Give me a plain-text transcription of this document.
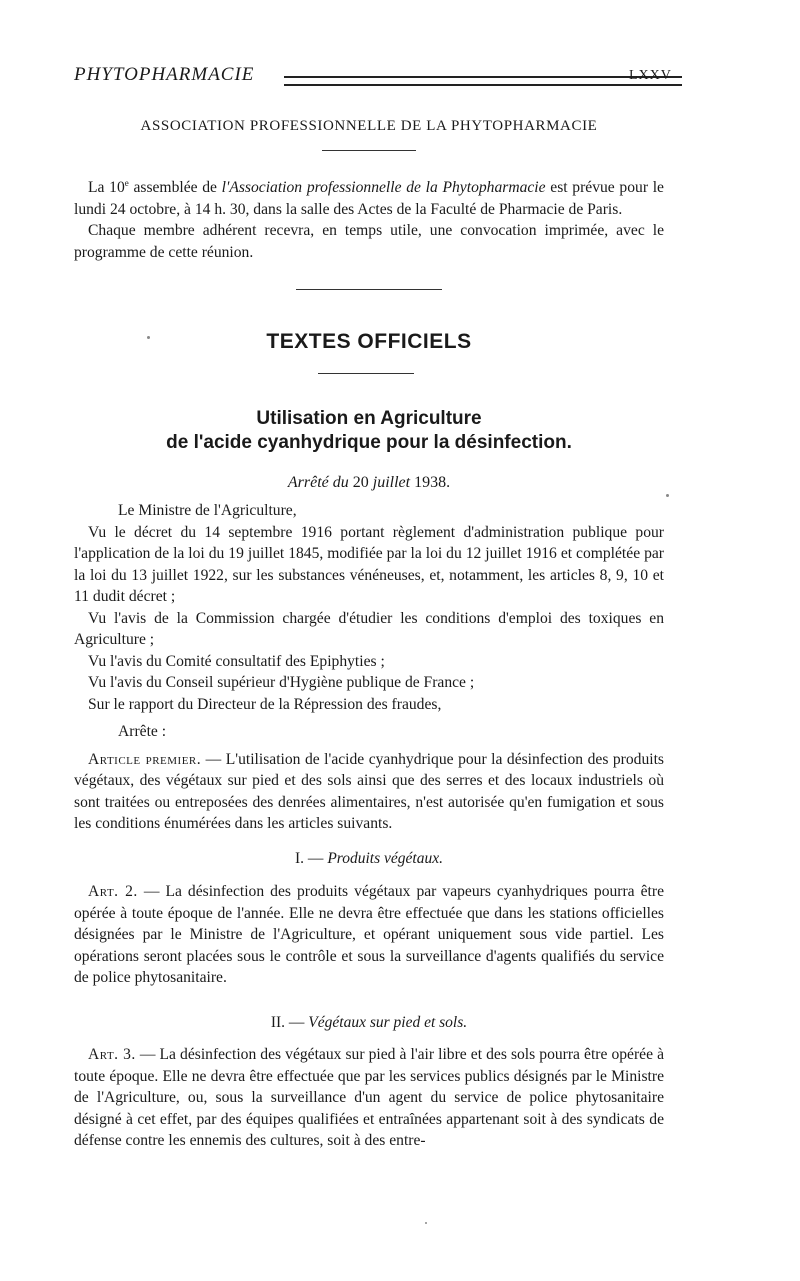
PHYTOPHARMACIE	LXXV
ASSOCIATION PROFESSIONNELLE DE LA PHYTOPHARMACIE

La 10e assemblée de l'Association professionnelle de la Phytopharmacie est prévue pour le lundi 24 octobre, à 14 h. 30, dans la salle des Actes de la Faculté de Pharmacie de Paris.

Chaque membre adhérent recevra, en temps utile, une convocation imprimée, avec le programme de cette réunion.

TEXTES OFFICIELS
Utilisation en Agriculture
de l'acide cyanhydrique pour la désinfection.
Arrêté du 20 juillet 1938.

Le Ministre de l'Agriculture,

Vu le décret du 14 septembre 1916 portant règlement d'administration publique pour l'application de la loi du 19 juillet 1845, modifiée par la loi du 12 juillet 1916 et complétée par la loi du 13 juillet 1922, sur les substances vénéneuses, et, notamment, les articles 8, 9, 10 et 11 dudit décret ;

Vu l'avis de la Commission chargée d'étudier les conditions d'emploi des toxiques en Agriculture ;

Vu l'avis du Comité consultatif des Epiphyties ;

Vu l'avis du Conseil supérieur d'Hygiène publique de France ;

Sur le rapport du Directeur de la Répression des fraudes,

Arrête :

Article premier. — L'utilisation de l'acide cyanhydrique pour la désinfection des produits végétaux, des végétaux sur pied et des sols ainsi que des serres et des locaux industriels où sont traitées ou entreposées des denrées alimentaires, n'est autorisée qu'en fumigation et sous les conditions énumérées dans les articles suivants.

I. — Produits végétaux.

Art. 2. — La désinfection des produits végétaux par vapeurs cyanhydriques pourra être opérée à toute époque de l'année. Elle ne devra être effectuée que dans les stations officielles désignées par le Ministre de l'Agriculture, et opérant uniquement sous vide partiel. Les opérations seront placées sous le contrôle et sous la surveillance d'agents qualifiés du service de police phytosanitaire.

II. — Végétaux sur pied et sols.

Art. 3. — La désinfection des végétaux sur pied à l'air libre et des sols pourra être opérée à toute époque. Elle ne devra être effectuée que par les services publics désignés par le Ministre de l'Agriculture, ou, sous la surveillance d'un agent du service de police phytosanitaire désigné à cet effet, par des équipes qualifiées et entraînées appartenant soit à des syndicats de défense contre les ennemis des cultures, soit à des entre-
